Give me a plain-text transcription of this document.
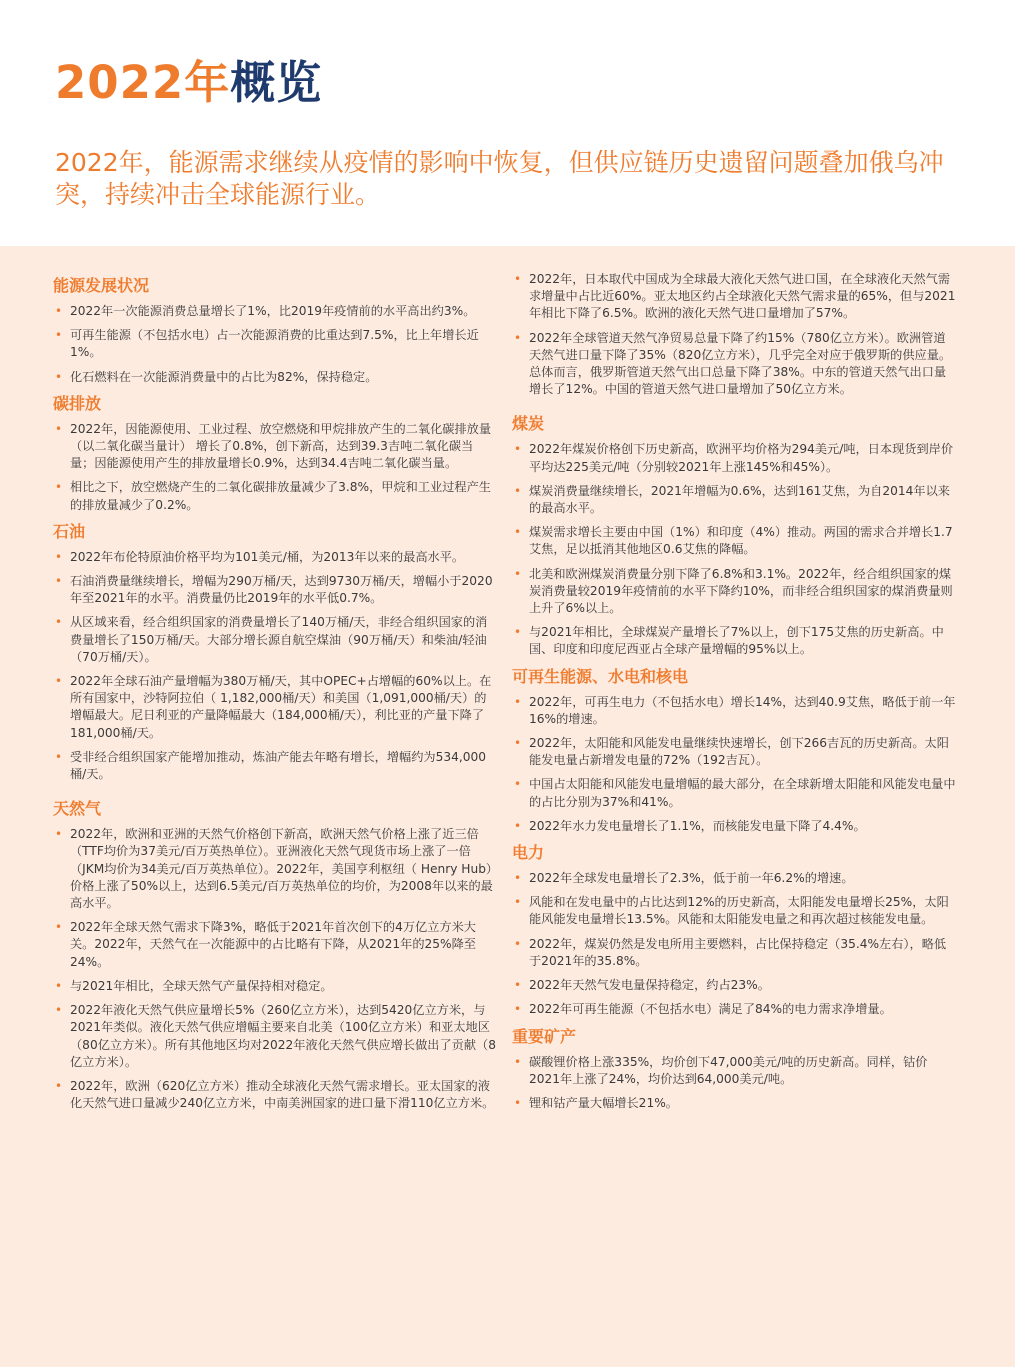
2022年概览

2022年，能源需求继续从疫情的影响中恢复，但供应链历史遗留问题叠加俄乌冲突，持续冲击全球能源行业。

能源发展状况
• 2022年一次能源消费总量增长了1%，比2019年疫情前的水平高出约3%。
• 可再生能源（不包括水电）占一次能源消费的比重达到7.5%，比上年增长近1%。
• 化石燃料在一次能源消费量中的占比为82%，保持稳定。
碳排放
• 2022年，因能源使用、工业过程、放空燃烧和甲烷排放产生的二氧化碳排放量（以二氧化碳当量计） 增长了0.8%，创下新高，达到39.3吉吨二氧化碳当量；因能源使用产生的排放量增长0.9%，达到34.4吉吨二氧化碳当量。
• 相比之下，放空燃烧产生的二氧化碳排放量减少了3.8%，甲烷和工业过程产生的排放量减少了0.2%。
石油
• 2022年布伦特原油价格平均为101美元/桶，为2013年以来的最高水平。
• 石油消费量继续增长，增幅为290万桶/天，达到9730万桶/天，增幅小于2020年至2021年的水平。消费量仍比2019年的水平低0.7%。
• 从区域来看，经合组织国家的消费量增长了140万桶/天，非经合组织国家的消费量增长了150万桶/天。大部分增长源自航空煤油（90万桶/天）和柴油/轻油（70万桶/天）。
• 2022年全球石油产量增幅为380万桶/天，其中OPEC+占增幅的60%以上。在所有国家中，沙特阿拉伯（ 1,182,000桶/天）和美国（1,091,000桶/天）的增幅最大。尼日利亚的产量降幅最大（184,000桶/天），利比亚的产量下降了181,000桶/天。
• 受非经合组织国家产能增加推动，炼油产能去年略有增长，增幅约为534,000桶/天。
天然气
• 2022年，欧洲和亚洲的天然气价格创下新高，欧洲天然气价格上涨了近三倍（TTF均价为37美元/百万英热单位）。亚洲液化天然气现货市场上涨了一倍（JKM均价为34美元/百万英热单位）。2022年，美国亨利枢纽（ Henry Hub）价格上涨了50%以上，达到6.5美元/百万英热单位的均价，为2008年以来的最高水平。
• 2022年全球天然气需求下降3%，略低于2021年首次创下的4万亿立方米大关。2022年，天然气在一次能源中的占比略有下降，从2021年的25%降至24%。
• 与2021年相比，全球天然气产量保持相对稳定。
• 2022年液化天然气供应量增长5%（260亿立方米），达到5420亿立方米，与2021年类似。液化天然气供应增幅主要来自北美（100亿立方米）和亚太地区（80亿立方米）。所有其他地区均对2022年液化天然气供应增长做出了贡献（8亿立方米）。
• 2022年，欧洲（620亿立方米）推动全球液化天然气需求增长。亚太国家的液化天然气进口量减少240亿立方米，中南美洲国家的进口量下滑110亿立方米。
• 2022年，日本取代中国成为全球最大液化天然气进口国，在全球液化天然气需求增量中占比近60%。亚太地区约占全球液化天然气需求量的65%，但与2021年相比下降了6.5%。欧洲的液化天然气进口量增加了57%。
• 2022年全球管道天然气净贸易总量下降了约15%（780亿立方米）。欧洲管道天然气进口量下降了35%（820亿立方米），几乎完全对应于俄罗斯的供应量。总体而言，俄罗斯管道天然气出口总量下降了38%。中东的管道天然气出口量增长了12%。中国的管道天然气进口量增加了50亿立方米。
煤炭
• 2022年煤炭价格创下历史新高，欧洲平均价格为294美元/吨，日本现货到岸价平均达225美元/吨（分别较2021年上涨145%和45%）。
• 煤炭消费量继续增长，2021年增幅为0.6%，达到161艾焦，为自2014年以来的最高水平。
• 煤炭需求增长主要由中国（1%）和印度（4%）推动。两国的需求合并增长1.7艾焦，足以抵消其他地区0.6艾焦的降幅。
• 北美和欧洲煤炭消费量分别下降了6.8%和3.1%。2022年，经合组织国家的煤炭消费量较2019年疫情前的水平下降约10%，而非经合组织国家的煤消费量则上升了6%以上。
• 与2021年相比，全球煤炭产量增长了7%以上，创下175艾焦的历史新高。中国、印度和印度尼西亚占全球产量增幅的95%以上。
可再生能源、水电和核电
• 2022年，可再生电力（不包括水电）增长14%，达到40.9艾焦，略低于前一年16%的增速。
• 2022年，太阳能和风能发电量继续快速增长，创下266吉瓦的历史新高。太阳能发电量占新增发电量的72%（192吉瓦）。
• 中国占太阳能和风能发电量增幅的最大部分，在全球新增太阳能和风能发电量中的占比分别为37%和41%。
• 2022年水力发电量增长了1.1%，而核能发电量下降了4.4%。
电力
• 2022年全球发电量增长了2.3%，低于前一年6.2%的增速。
• 风能和在发电量中的占比达到12%的历史新高，太阳能发电量增长25%，太阳能风能发电量增长13.5%。风能和太阳能发电量之和再次超过核能发电量。
• 2022年，煤炭仍然是发电所用主要燃料，占比保持稳定（35.4%左右），略低于2021年的35.8%。
• 2022年天然气发电量保持稳定，约占23%。
• 2022年可再生能源（不包括水电）满足了84%的电力需求净增量。
重要矿产
• 碳酸锂价格上涨335%，均价创下47,000美元/吨的历史新高。同样，钴价2021年上涨了24%，均价达到64,000美元/吨。
• 锂和钴产量大幅增长21%。
